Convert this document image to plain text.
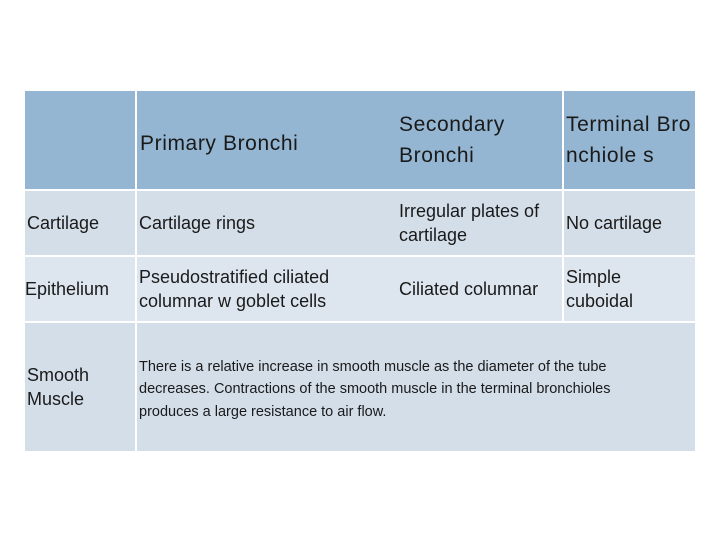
Primary Bronchi
Secondary Bronchi
Terminal Bronchiole s
Cartilage Cartilage rings
Irregular plates of cartilage
No cartilage
Epithelium
Pseudostratified ciliated columnar w goblet cells
Ciliated columnar
Simple cuboidal
Smooth Muscle
There is a relative increase in smooth muscle as the diameter of the tube decreases. Contractions of the smooth muscle in the terminal bronchioles produces a large resistance to air flow.
